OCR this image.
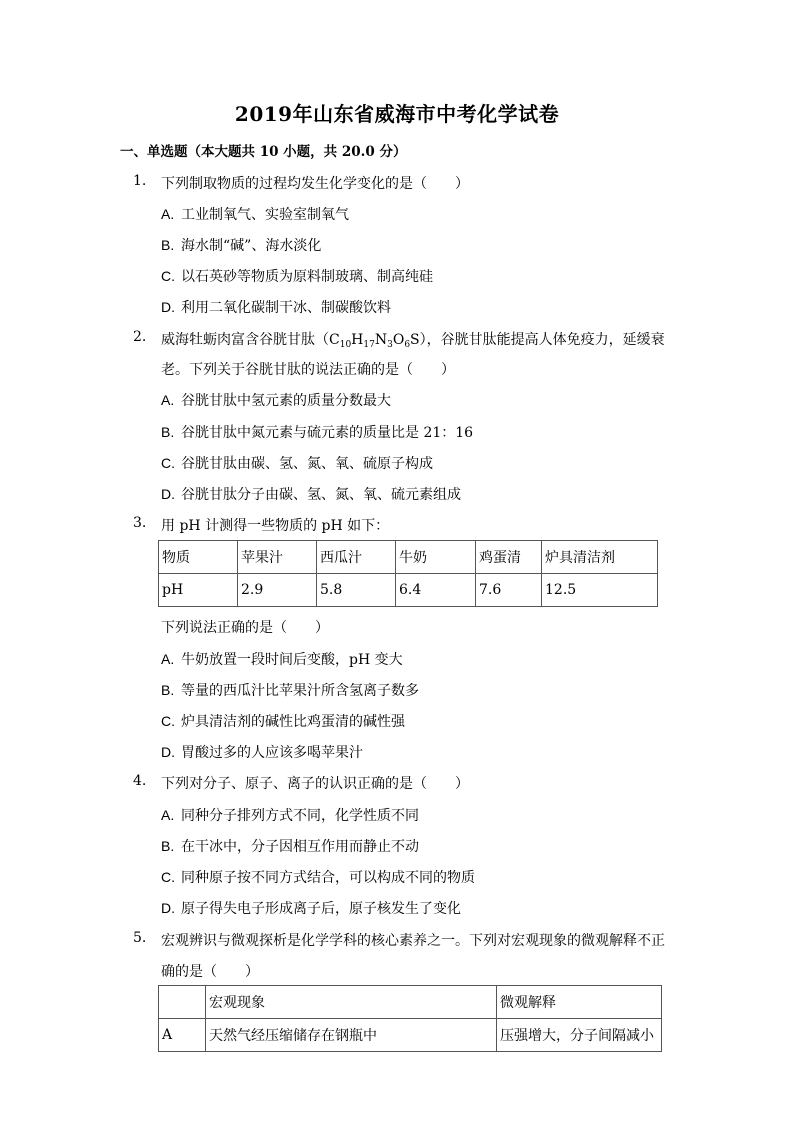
2019年山东省威海市中考化学试卷
一、单选题（本大题共 10 小题，共 20.0 分）
1.	下列制取物质的过程均发生化学变化的是（　　）
A. 工业制氧气、实验室制氧气
B. 海水制“碱”、海水淡化
C. 以石英砂等物质为原料制玻璃、制高纯硅
D. 利用二氧化碳制干冰、制碳酸饮料
2.	威海牡蛎肉富含谷胱甘肽$(C_{10}H_{17}N_3O_6S)$，谷胱甘肽能提高人体免疫力，延缓衰
老。下列关于谷胱甘肽的说法正确的是（　　）
A. 谷胱甘肽中氢元素的质量分数最大
B. 谷胱甘肽中氮元素与硫元素的质量比是 21：16
C. 谷胱甘肽由碳、氢、氮、氧、硫原子构成
D. 谷胱甘肽分子由碳、氢、氮、氧、硫元素组成
3.	用 pH 计测得一些物质的 pH 如下：
物质	苹果汁	西瓜汁	牛奶	鸡蛋清	炉具清洁剂
pH	2.9	5.8	6.4	7.6	12.5
下列说法正确的是（　　）
A. 牛奶放置一段时间后变酸，pH 变大
B. 等量的西瓜汁比苹果汁所含氢离子数多
C. 炉具清洁剂的碱性比鸡蛋清的碱性强
D. 胃酸过多的人应该多喝苹果汁
4.	下列对分子、原子、离子的认识正确的是（　　）
A. 同种分子排列方式不同，化学性质不同
B. 在干冰中，分子因相互作用而静止不动
C. 同种原子按不同方式结合，可以构成不同的物质
D. 原子得失电子形成离子后，原子核发生了变化
5.	宏观辨识与微观探析是化学学科的核心素养之一。下列对宏观现象的微观解释不正
确的是（　　）
	宏观现象	微观解释
A	天然气经压缩储存在钢瓶中	压强增大，分子间隔减小
